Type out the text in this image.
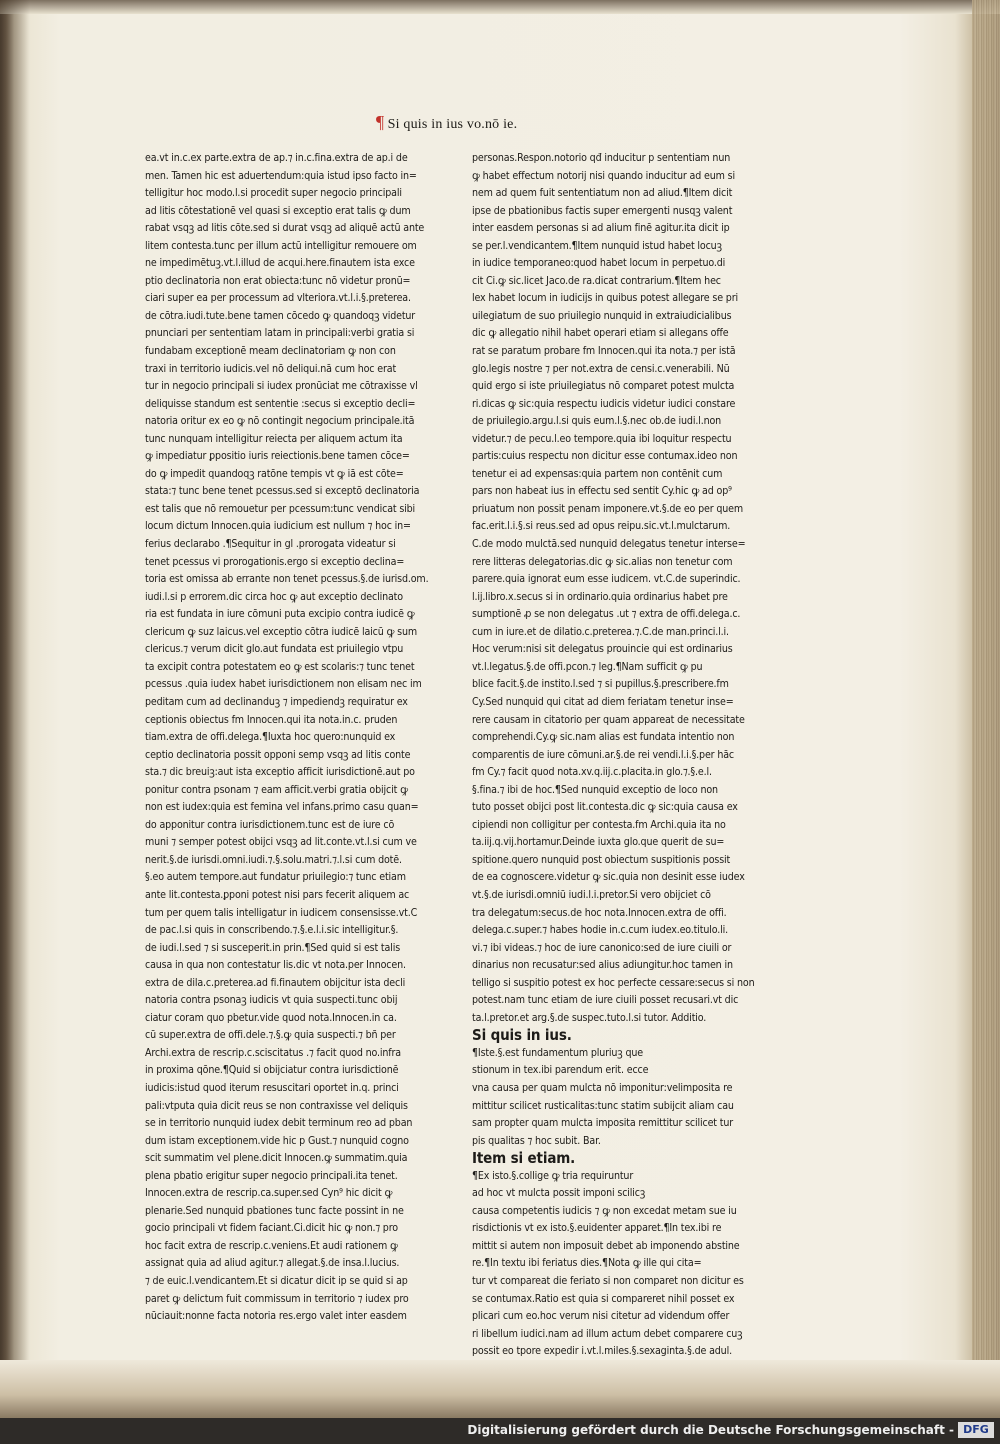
¶ Si quis in ius vo.nō ie.
ea.vt in.c.ex parte.extra de ap.⁊ in.c.fina.extra de ap.i de
men. Tamen hic est aduertendum:quia istud ipso facto in=
telligitur hoc modo.l.si procedit super negocio principali
ad litis cōtestationē vel quasi si exceptio erat talis ꝙ dum
rabat vsqꝫ ad litis cōte.sed si durat vsqꝫ ad aliquē actū ante
litem contesta.tunc per illum actū intelligitur remouere om
ne impedimētuꝫ.vt.l.illud de acqui.here.finautem ista exce
ptio declinatoria non erat obiecta:tunc nō videtur pronū=
ciari super ea per processum ad vlteriora.vt.l.i.§.preterea.
de cōtra.iudi.tute.bene tamen cōcedo ꝙ quandoqꝫ videtur
pnunciari per sententiam latam in principali:verbi gratia si
fundabam exceptionē meam declinatoriam ꝙ non con
traxi in territorio iudicis.vel nō deliqui.nā cum hoc erat
tur in negocio principali si iudex pronūciat me cōtraxisse vl
deliquisse standum est sententie :secus si exceptio decli=
natoria oritur ex eo ꝙ nō contingit negocium principale.itā
tunc nunquam intelligitur reiecta per aliquem actum ita
ꝙ impediatur ꝑpositio iuris reiectionis.bene tamen cōce=
do ꝙ impedit quandoqꝫ ratōne tempis vt ꝙ iā est cōte=
stata:⁊ tunc bene tenet pcessus.sed si exceptō declinatoria
est talis que nō remouetur per pcessum:tunc vendicat sibi
locum dictum Innocen.quia iudicium est nullum ⁊ hoc in=
ferius declarabo .¶Sequitur in gl .prorogata videatur si
tenet pcessus vi prorogationis.ergo si exceptio declina=
toria est omissa ab errante non tenet pcessus.§.de iurisd.om.
iudi.l.si p errorem.dic circa hoc ꝙ aut exceptio declinato
ria est fundata in iure cōmuni puta excipio contra iudicē ꝙ
clericum ꝙ suz laicus.vel exceptio cōtra iudicē laicū ꝙ sum
clericus.⁊ verum dicit glo.aut fundata est priuilegio vtpu
ta excipit contra potestatem eo ꝙ est scolaris:⁊ tunc tenet
pcessus .quia iudex habet iurisdictionem non elisam nec im
peditam cum ad declinanduꝫ ⁊ impediendꝫ requiratur ex
ceptionis obiectus fm Innocen.qui ita nota.in.c. pruden
tiam.extra de offi.delega.¶Iuxta hoc quero:nunquid ex
ceptio declinatoria possit opponi semp vsqꝫ ad litis conte
sta.⁊ dic breuiꝫ:aut ista exceptio afficit iurisdictionē.aut po
ponitur contra psonam ⁊ eam afficit.verbi gratia obijcit ꝙ
non est iudex:quia est femina vel infans.primo casu quan=
do apponitur contra iurisdictionem.tunc est de iure cō
muni ⁊ semper potest obijci vsqꝫ ad lit.conte.vt.l.si cum ve
nerit.§.de iurisdi.omni.iudi.⁊.§.solu.matri.⁊.l.si cum dotē.
§.eo autem tempore.aut fundatur priuilegio:⁊ tunc etiam
ante lit.contesta.ꝑponi potest nisi pars fecerit aliquem ac
tum per quem talis intelligatur in iudicem consensisse.vt.C
de pac.l.si quis in conscribendo.⁊.§.e.l.i.sic intelligitur.§.
de iudi.l.sed ⁊ si susceperit.in prin.¶Sed quid si est talis
causa in qua non contestatur lis.dic vt nota.per Innocen.
extra de dila.c.preterea.ad fi.finautem obijcitur ista decli
natoria contra psonaꝫ iudicis vt quia suspecti.tunc obij
ciatur coram quo pbetur.vide quod nota.Innocen.in ca.
cū super.extra de offi.dele.⁊.§.ꝙ quia suspecti.⁊ bñ per
Archi.extra de rescrip.c.sciscitatus .⁊ facit quod no.infra
in proxima qōne.¶Quid si obijciatur contra iurisdictionē
iudicis:istud quod iterum resuscitari oportet in.q. princi
pali:vtputa quia dicit reus se non contraxisse vel deliquis
se in territorio nunquid iudex debit terminum reo ad pban
dum istam exceptionem.vide hic p Gust.⁊ nunquid cogno
scit summatim vel plene.dicit Innocen.ꝙ summatim.quia
plena pbatio erigitur super negocio principali.ita tenet.
Innocen.extra de rescrip.ca.super.sed Cyn⁹ hic dicit ꝙ
plenarie.Sed nunquid pbationes tunc facte possint in ne
gocio principali vt fidem faciant.Ci.dicit hic ꝙ non.⁊ pro
hoc facit extra de rescrip.c.veniens.Et audi rationem ꝙ
assignat quia ad aliud agitur.⁊ allegat.§.de insa.l.lucius.
⁊ de euic.l.vendicantem.Et si dicatur dicit ip se quid si ap
paret ꝙ delictum fuit commissum in territorio ⁊ iudex pro
nūciauit:nonne facta notoria res.ergo valet inter easdem
personas.Respon.notorio qđ inducitur p sententiam nun
ꝙ habet effectum notorij nisi quando inducitur ad eum si
nem ad quem fuit sententiatum non ad aliud.¶Item dicit
ipse de pbationibus factis super emergenti nusqꝫ valent
inter easdem personas si ad alium finē agitur.ita dicit ip
se per.l.vendicantem.¶Item nunquid istud habet locuꝫ
in iudice temporaneo:quod habet locum in perpetuo.di
cit Ci.ꝙ sic.licet Jaco.de ra.dicat contrarium.¶Item hec
lex habet locum in iudicijs in quibus potest allegare se pri
uilegiatum de suo priuilegio nunquid in extraiudicialibus
dic ꝙ allegatio nihil habet operari etiam si allegans offe
rat se paratum probare fm Innocen.qui ita nota.⁊ per istā
glo.legis nostre ⁊ per not.extra de censi.c.venerabili. Nū
quid ergo si iste priuilegiatus nō comparet potest mulcta
ri.dicas ꝙ sic:quia respectu iudicis videtur iudici constare
de priuilegio.argu.l.si quis eum.l.§.nec ob.de iudi.l.non
videtur.⁊ de pecu.l.eo tempore.quia ibi loquitur respectu
partis:cuius respectu non dicitur esse contumax.ideo non
tenetur ei ad expensas:quia partem non contēnit cum
pars non habeat ius in effectu sed sentit Cy.hic ꝙ ad op⁹
priuatum non possit penam imponere.vt.§.de eo per quem
fac.erit.l.i.§.si reus.sed ad opus reipu.sic.vt.l.mulctarum.
C.de modo mulctā.sed nunquid delegatus tenetur interse=
rere litteras delegatorias.dic ꝙ sic.alias non tenetur com
parere.quia ignorat eum esse iudicem. vt.C.de superindic.
l.ij.libro.x.secus si in ordinario.quia ordinarius habet pre
sumptionē ꝓ se non delegatus .ut ⁊ extra de offi.delega.c.
cum in iure.et de dilatio.c.preterea.⁊.C.de man.princi.l.i.
Hoc verum:nisi sit delegatus prouincie qui est ordinarius
vt.l.legatus.§.de offi.pcon.⁊ leg.¶Nam sufficit ꝙ pu
blice facit.§.de instito.l.sed ⁊ si pupillus.§.prescribere.fm
Cy.Sed nunquid qui citat ad diem feriatam tenetur inse=
rere causam in citatorio per quam appareat de necessitate
comprehendi.Cy.ꝙ sic.nam alias est fundata intentio non
comparentis de iure cōmuni.ar.§.de rei vendi.l.i.§.per hāc
fm Cy.⁊ facit quod nota.xv.q.iij.c.placita.in glo.⁊.§.e.l.
§.fina.⁊ ibi de hoc.¶Sed nunquid exceptio de loco non
tuto posset obijci post lit.contesta.dic ꝙ sic:quia causa ex
cipiendi non colligitur per contesta.fm Archi.quia ita no
ta.iij.q.vij.hortamur.Deinde iuxta glo.que querit de su=
spitione.quero nunquid post obiectum suspitionis possit
de ea cognoscere.videtur ꝙ sic.quia non desinit esse iudex
vt.§.de iurisdi.omniū iudi.l.i.pretor.Si vero obijciet cō
tra delegatum:secus.de hoc nota.Innocen.extra de offi.
delega.c.super.⁊ habes hodie in.c.cum iudex.eo.titulo.li.
vi.⁊ ibi videas.⁊ hoc de iure canonico:sed de iure ciuili or
dinarius non recusatur:sed alius adiungitur.hoc tamen in
telligo si suspitio potest ex hoc perfecte cessare:secus si non
potest.nam tunc etiam de iure ciuili posset recusari.vt dic
ta.l.pretor.et arg.§.de suspec.tuto.l.si tutor. Additio.
Si quis in ius.
¶Iste.§.est fundamentum pluriuꝫ que
stionum in tex.ibi parendum erit. ecce
vna causa per quam mulcta nō imponitur:velimposita re
mittitur scilicet rusticalitas:tunc statim subijcit aliam cau
sam propter quam mulcta imposita remittitur scilicet tur
pis qualitas ⁊ hoc subit. Bar.
Item si etiam.
¶Ex isto.§.collige ꝙ tria requiruntur
ad hoc vt mulcta possit imponi scilicꝫ
causa competentis iudicis ⁊ ꝙ non excedat metam sue iu
risdictionis vt ex isto.§.euidenter apparet.¶In tex.ibi re
mittit si autem non imposuit debet ab imponendo abstine
re.¶In textu ibi feriatus dies.¶Nota ꝙ ille qui cita=
tur vt compareat die feriato si non comparet non dicitur es
se contumax.Ratio est quia si compareret nihil posset ex
plicari cum eo.hoc verum nisi citetur ad videndum offer
ri libellum iudici.nam ad illum actum debet comparere cuꝫ
possit eo tpore expedir i.vt.l.miles.§.sexaginta.§.de adul.
Digitalisierung gefördert durch die Deutsche Forschungsgemeinschaft - DFG
